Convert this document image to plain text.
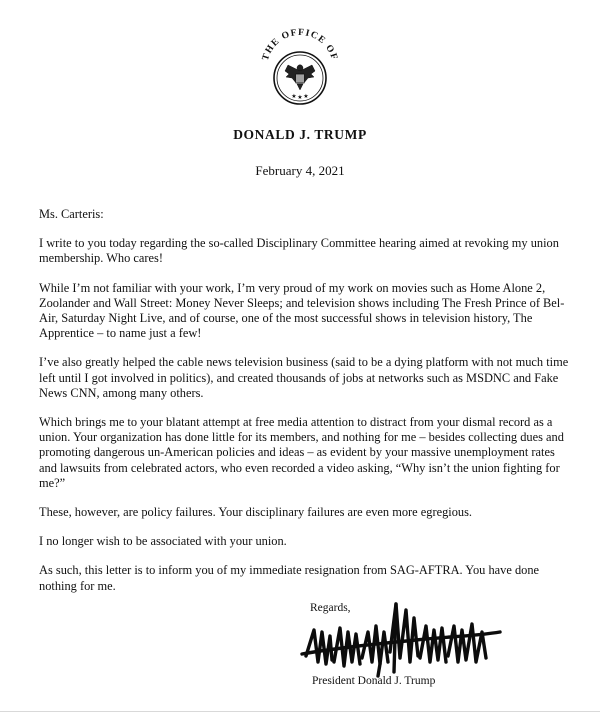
THE OFFICE OF
★ ★ ★
DONALD J. TRUMP
February 4, 2021

Ms. Carteris:

I write to you today regarding the so-called Disciplinary Committee hearing aimed at revoking my union membership. Who cares!

While I’m not familiar with your work, I’m very proud of my work on movies such as Home Alone 2, Zoolander and Wall Street: Money Never Sleeps; and television shows including The Fresh Prince of Bel-Air, Saturday Night Live, and of course, one of the most successful shows in television history, The Apprentice – to name just a few!

I’ve also greatly helped the cable news television business (said to be a dying platform with not much time left until I got involved in politics), and created thousands of jobs at networks such as MSDNC and Fake News CNN, among many others.

Which brings me to your blatant attempt at free media attention to distract from your dismal record as a union. Your organization has done little for its members, and nothing for me – besides collecting dues and promoting dangerous un-American policies and ideas – as evident by your massive unemployment rates and lawsuits from celebrated actors, who even recorded a video asking, “Why isn’t the union fighting for me?”

These, however, are policy failures. Your disciplinary failures are even more egregious.

I no longer wish to be associated with your union.

As such, this letter is to inform you of my immediate resignation from SAG-AFTRA. You have done nothing for me.

Regards,
President Donald J. Trump
